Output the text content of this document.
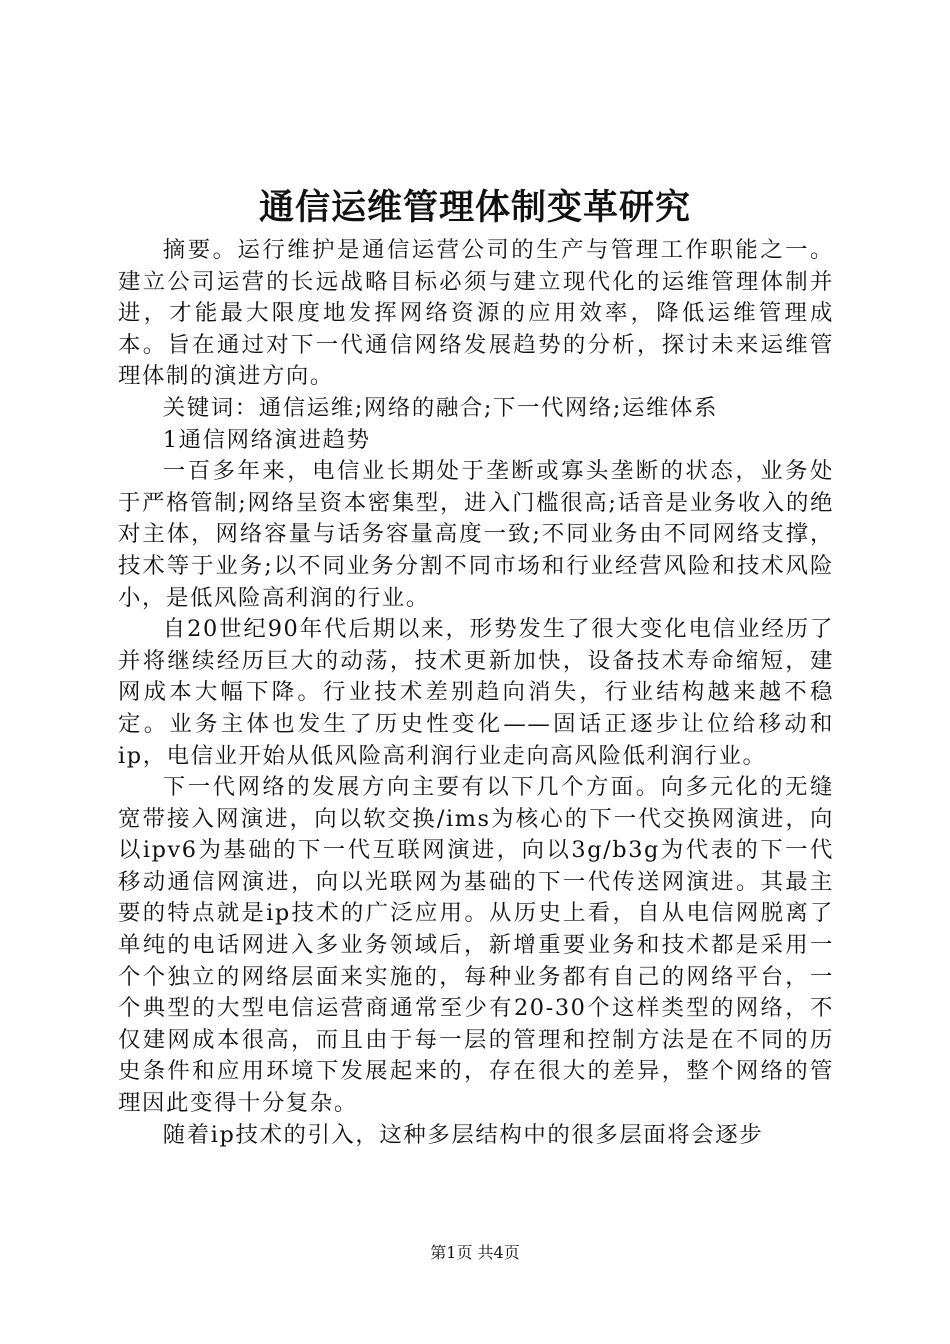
通信运维管理体制变革研究

摘要。运行维护是通信运营公司的生产与管理工作职能之一。建立公司运营的长远战略目标必须与建立现代化的运维管理体制并进，才能最大限度地发挥网络资源的应用效率，降低运维管理成本。旨在通过对下一代通信网络发展趋势的分析，探讨未来运维管理体制的演进方向。

关键词：通信运维;网络的融合;下一代网络;运维体系

1通信网络演进趋势

一百多年来，电信业长期处于垄断或寡头垄断的状态，业务处于严格管制;网络呈资本密集型，进入门槛很高;话音是业务收入的绝对主体，网络容量与话务容量高度一致;不同业务由不同网络支撑，技术等于业务;以不同业务分割不同市场和行业经营风险和技术风险小，是低风险高利润的行业。

自20世纪90年代后期以来，形势发生了很大变化电信业经历了并将继续经历巨大的动荡，技术更新加快，设备技术寿命缩短，建网成本大幅下降。行业技术差别趋向消失，行业结构越来越不稳定。业务主体也发生了历史性变化——固话正逐步让位给移动和ip，电信业开始从低风险高利润行业走向高风险低利润行业。

下一代网络的发展方向主要有以下几个方面。向多元化的无缝宽带接入网演进，向以软交换/ims为核心的下一代交换网演进，向以ipv6为基础的下一代互联网演进，向以3g/b3g为代表的下一代移动通信网演进，向以光联网为基础的下一代传送网演进。其最主要的特点就是ip技术的广泛应用。从历史上看，自从电信网脱离了单纯的电话网进入多业务领域后，新增重要业务和技术都是采用一个个独立的网络层面来实施的，每种业务都有自己的网络平台，一个典型的大型电信运营商通常至少有20-30个这样类型的网络，不仅建网成本很高，而且由于每一层的管理和控制方法是在不同的历史条件和应用环境下发展起来的，存在很大的差异，整个网络的管理因此变得十分复杂。

随着ip技术的引入，这种多层结构中的很多层面将会逐步

第1页 共4页
